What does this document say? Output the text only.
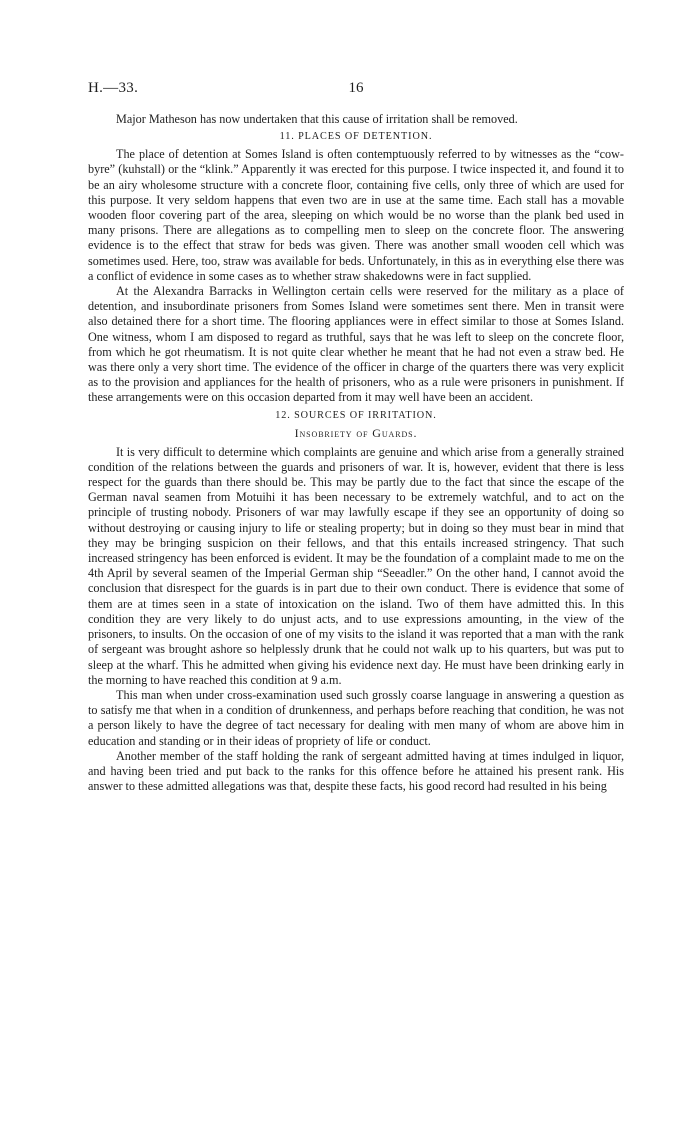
H.—33.	16

Major Matheson has now undertaken that this cause of irritation shall be removed.

11. PLACES OF DETENTION.

The place of detention at Somes Island is often contemptuously referred to by witnesses as the “cow-byre” (kuhstall) or the “klink.” Apparently it was erected for this purpose. I twice inspected it, and found it to be an airy wholesome structure with a concrete floor, containing five cells, only three of which are used for this purpose. It very seldom happens that even two are in use at the same time. Each stall has a movable wooden floor covering part of the area, sleeping on which would be no worse than the plank bed used in many prisons. There are allegations as to compelling men to sleep on the concrete floor. The answering evidence is to the effect that straw for beds was given. There was another small wooden cell which was sometimes used. Here, too, straw was available for beds. Unfortunately, in this as in everything else there was a conflict of evidence in some cases as to whether straw shakedowns were in fact supplied.

At the Alexandra Barracks in Wellington certain cells were reserved for the military as a place of detention, and insubordinate prisoners from Somes Island were sometimes sent there. Men in transit were also detained there for a short time. The flooring appliances were in effect similar to those at Somes Island. One witness, whom I am disposed to regard as truthful, says that he was left to sleep on the concrete floor, from which he got rheumatism. It is not quite clear whether he meant that he had not even a straw bed. He was there only a very short time. The evidence of the officer in charge of the quarters there was very explicit as to the provision and appliances for the health of prisoners, who as a rule were prisoners in punishment. If these arrangements were on this occasion departed from it may well have been an accident.

12. SOURCES OF IRRITATION.
Insobriety of Guards.

It is very difficult to determine which complaints are genuine and which arise from a generally strained condition of the relations between the guards and prisoners of war. It is, however, evident that there is less respect for the guards than there should be. This may be partly due to the fact that since the escape of the German naval seamen from Motuihi it has been necessary to be extremely watchful, and to act on the principle of trusting nobody. Prisoners of war may lawfully escape if they see an opportunity of doing so without destroying or causing injury to life or stealing property; but in doing so they must bear in mind that they may be bringing suspicion on their fellows, and that this entails increased stringency. That such increased stringency has been enforced is evident. It may be the foundation of a complaint made to me on the 4th April by several seamen of the Imperial German ship “Seeadler.” On the other hand, I cannot avoid the conclusion that disrespect for the guards is in part due to their own conduct. There is evidence that some of them are at times seen in a state of intoxication on the island. Two of them have admitted this. In this condition they are very likely to do unjust acts, and to use expressions amounting, in the view of the prisoners, to insults. On the occasion of one of my visits to the island it was reported that a man with the rank of sergeant was brought ashore so helplessly drunk that he could not walk up to his quarters, but was put to sleep at the wharf. This he admitted when giving his evidence next day. He must have been drinking early in the morning to have reached this condition at 9 a.m.

This man when under cross-examination used such grossly coarse language in answering a question as to satisfy me that when in a condition of drunkenness, and perhaps before reaching that condition, he was not a person likely to have the degree of tact necessary for dealing with men many of whom are above him in education and standing or in their ideas of propriety of life or conduct.

Another member of the staff holding the rank of sergeant admitted having at times indulged in liquor, and having been tried and put back to the ranks for this offence before he attained his present rank. His answer to these admitted allegations was that, despite these facts, his good record had resulted in his being
